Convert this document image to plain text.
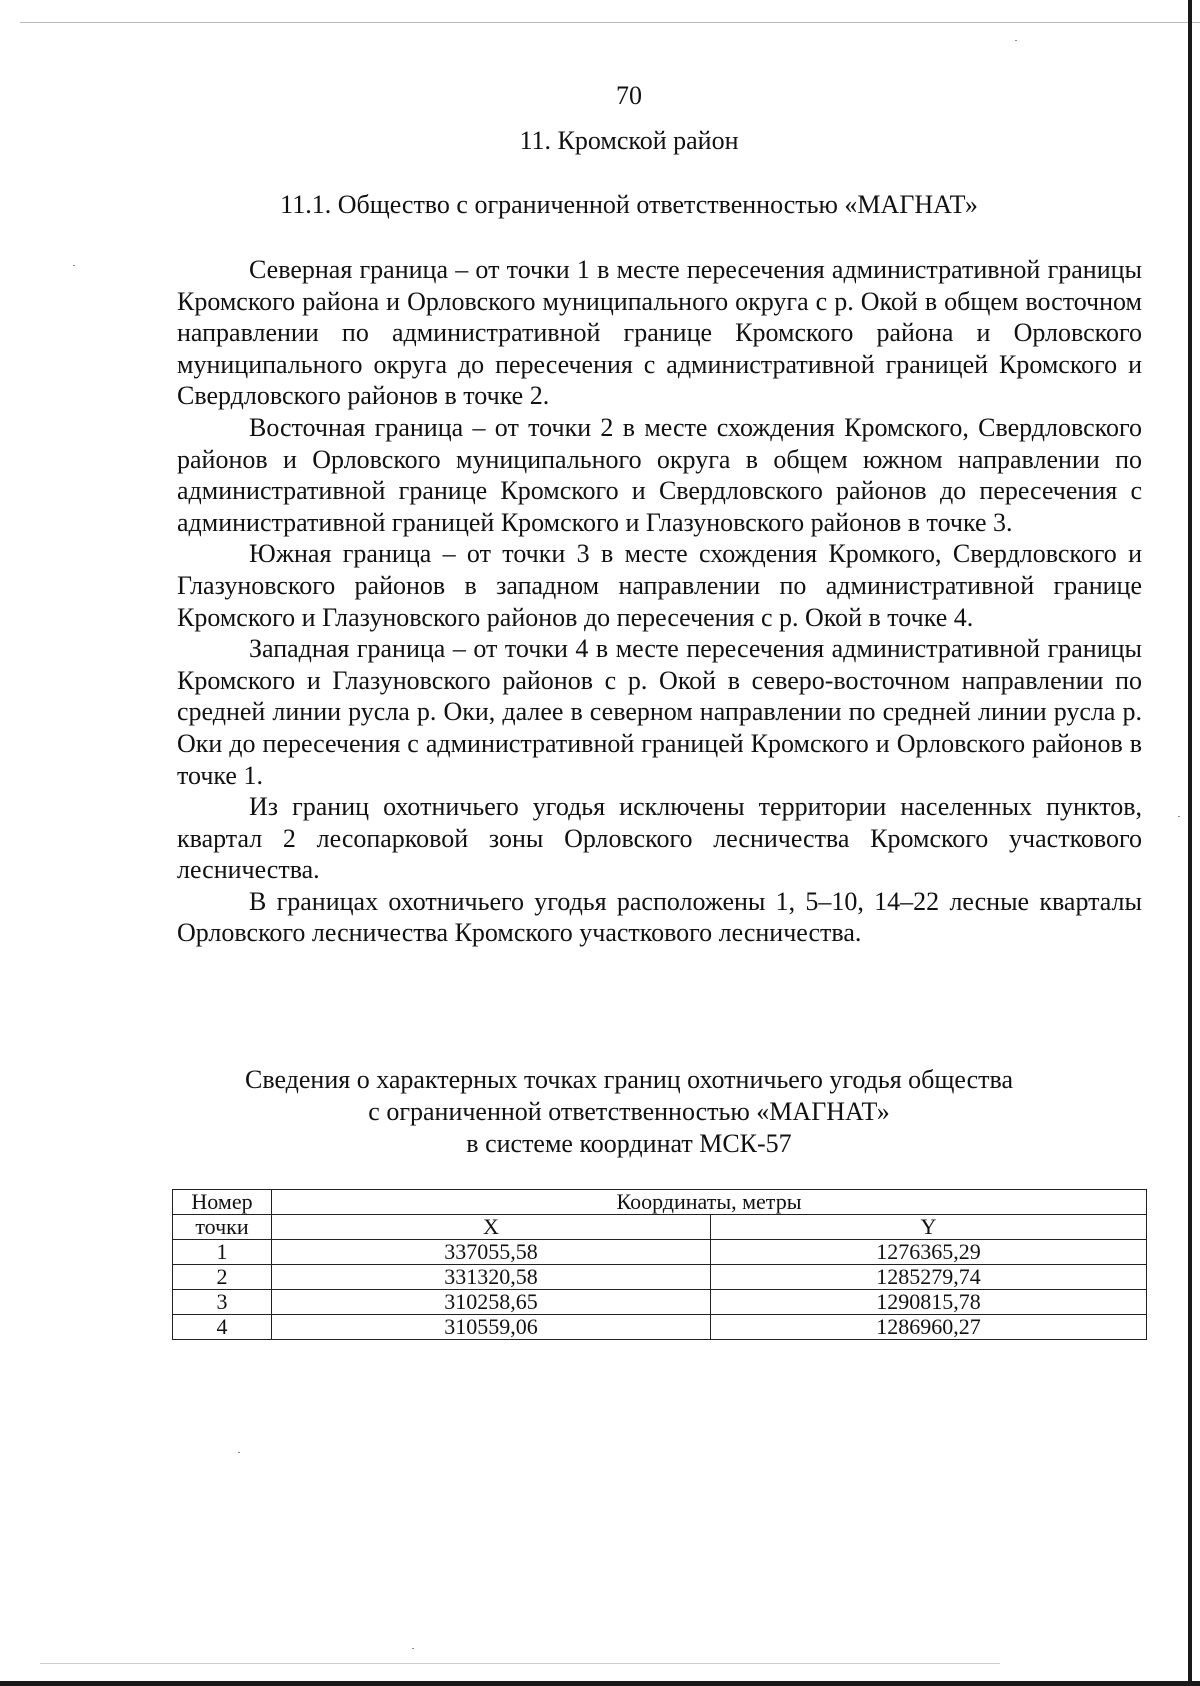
70
11. Кромской район
11.1. Общество с ограниченной ответственностью «МАГНАТ»

Северная граница – от точки 1 в месте пересечения административной границы Кромского района и Орловского муниципального округа с р. Окой в общем восточном направлении по административной границе Кромского района и Орловского муниципального округа до пересечения с административной границей Кромского и Свердловского районов в точке 2.

Восточная граница – от точки 2 в месте схождения Кромского, Свердловского районов и Орловского муниципального округа в общем южном направлении по административной границе Кромского и Свердловского районов до пересечения с административной границей Кромского и Глазуновского районов в точке 3.

Южная граница – от точки 3 в месте схождения Кромкого, Свердловского и Глазуновского районов в западном направлении по административной границе Кромского и Глазуновского районов до пересечения с р. Окой в точке 4.

Западная граница – от точки 4 в месте пересечения административной границы Кромского и Глазуновского районов с р. Окой в северо-восточном направлении по средней линии русла р. Оки, далее в северном направлении по средней линии русла р. Оки до пересечения с административной границей Кромского и Орловского районов в точке 1.

Из границ охотничьего угодья исключены территории населенных пунктов, квартал 2 лесопарковой зоны Орловского лесничества Кромского участкового лесничества.

В границах охотничьего угодья расположены 1, 5–10, 14–22 лесные кварталы Орловского лесничества Кромского участкового лесничества.

Сведения о характерных точках границ охотничьего угодья общества
с ограниченной ответственностью «МАГНАТ»
в системе координат МСК-57
Номер	Координаты, метры	
точки	X	Y
1	337055,58	1276365,29
2	331320,58	1285279,74
3	310258,65	1290815,78
4	310559,06	1286960,27
